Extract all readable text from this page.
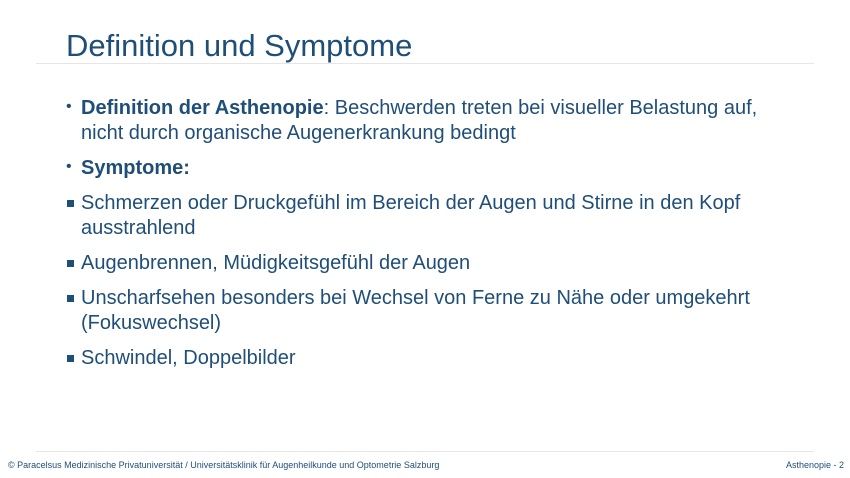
Definition und Symptome
• Definition der Asthenopie: Beschwerden treten bei visueller Belastung auf, nicht durch organische Augenerkrankung bedingt
• Symptome:
Schmerzen oder Druckgefühl im Bereich der Augen und Stirne in den Kopf ausstrahlend
Augenbrennen, Müdigkeitsgefühl der Augen
Unscharfsehen besonders bei Wechsel von Ferne zu Nähe oder umgekehrt (Fokuswechsel)
Schwindel, Doppelbilder
© Paracelsus Medizinische Privatuniversität / Universitätsklinik für Augenheilkunde und Optometrie Salzburg	Asthenopie - 2
